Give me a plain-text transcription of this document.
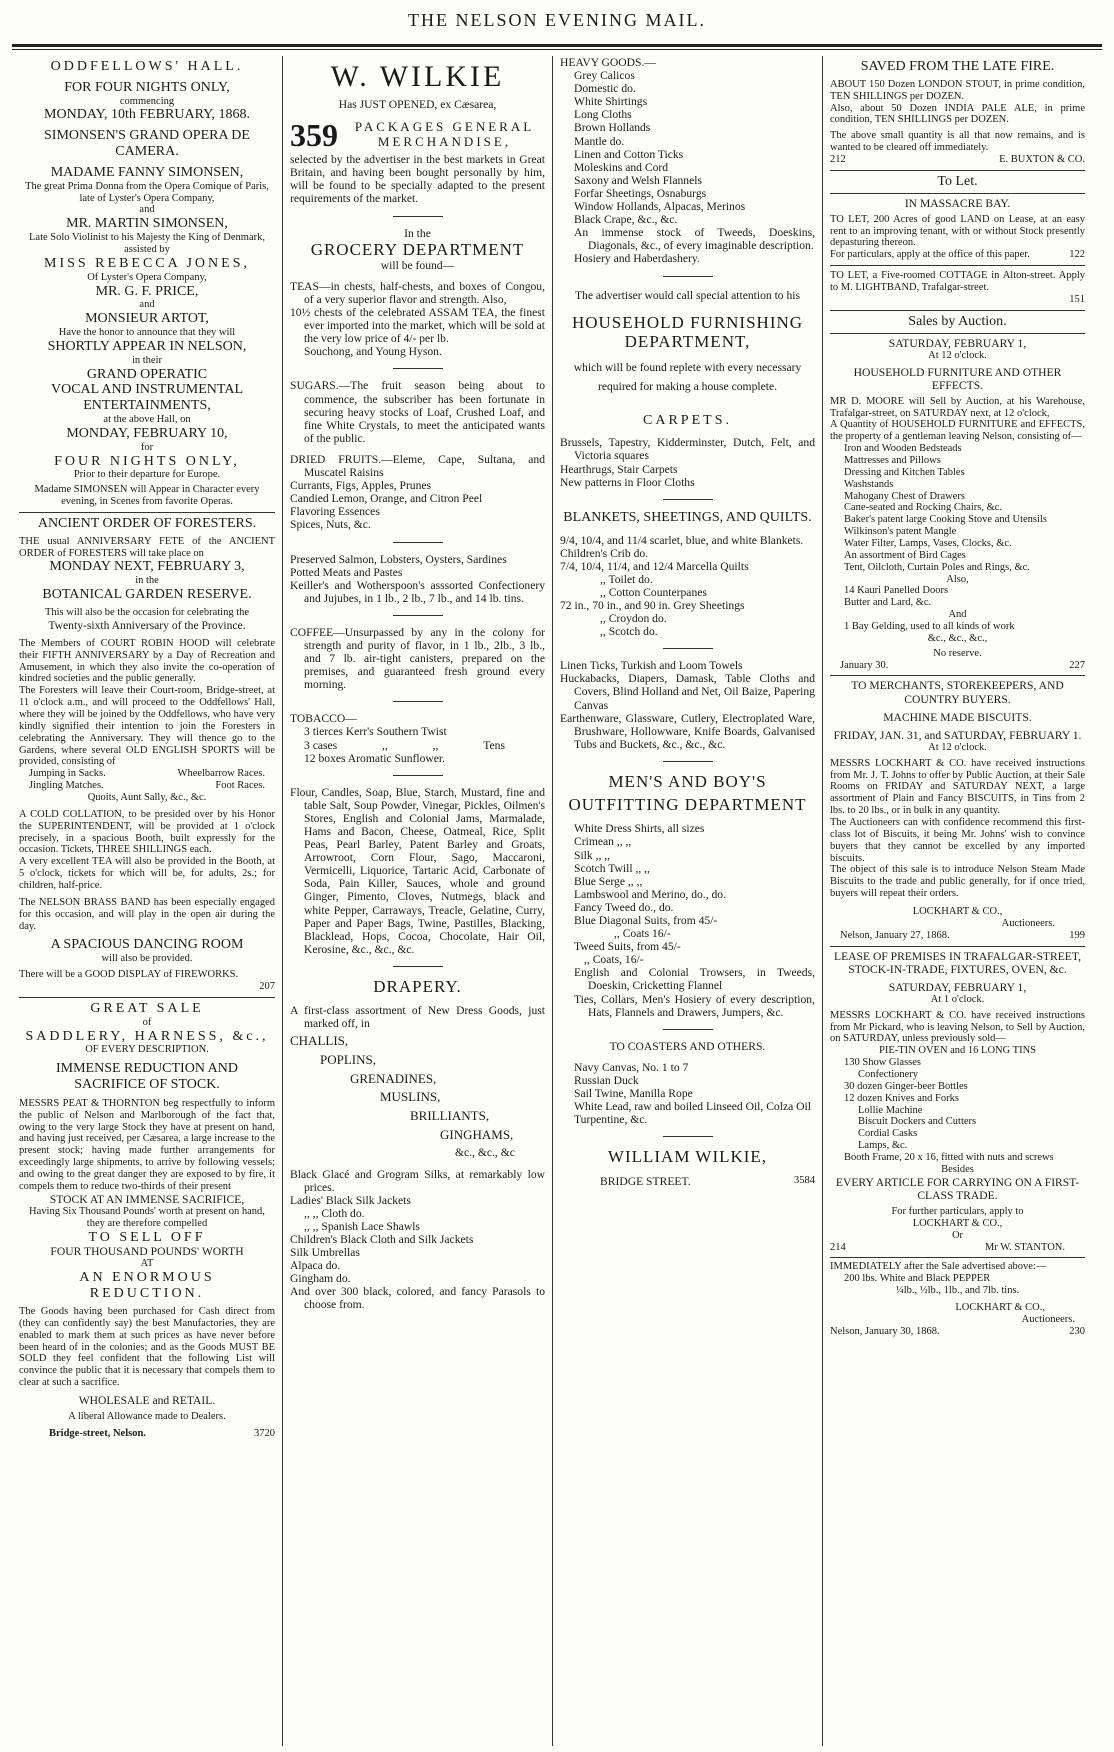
THE NELSON EVENING MAIL.

ODDFELLOWS' HALL.

FOR FOUR NIGHTS ONLY,

commencing

MONDAY, 10th FEBRUARY, 1868.

SIMONSEN'S GRAND OPERA DE CAMERA.

MADAME FANNY SIMONSEN,

The great Prima Donna from the Opera Comique of Paris, late of Lyster's Opera Company,

and

MR. MARTIN SIMONSEN,

Late Solo Violinist to his Majesty the King of Denmark, assisted by

MISS REBECCA JONES,

Of Lyster's Opera Company,

MR. G. F. PRICE,

and

MONSIEUR ARTOT,

Have the honor to announce that they will

SHORTLY APPEAR IN NELSON,

in their

GRAND OPERATIC

VOCAL AND INSTRUMENTAL ENTERTAINMENTS,

at the above Hall, on

MONDAY, FEBRUARY 10,

for

FOUR NIGHTS ONLY,

Prior to their departure for Europe.

Madame SIMONSEN will Appear in Character every evening, in Scenes from favorite Operas.

ANCIENT ORDER OF FORESTERS.

THE usual ANNIVERSARY FETE of the ANCIENT ORDER of FORESTERS will take place on

MONDAY NEXT, FEBRUARY 3,

in the

BOTANICAL GARDEN RESERVE.

This will also be the occasion for celebrating the

Twenty-sixth Anniversary of the Province.

The Members of COURT ROBIN HOOD will celebrate their FIFTH ANNIVERSARY by a Day of Recreation and Amusement, in which they also invite the co-operation of kindred societies and the public generally.

The Foresters will leave their Court-room, Bridge-street, at 11 o'clock a.m., and will proceed to the Oddfellows' Hall, where they will be joined by the Oddfellows, who have very kindly signified their intention to join the Foresters in celebrating the Anniversary. They will thence go to the Gardens, where several OLD ENGLISH SPORTS will be provided, consisting of

Jumping in Sacks.	Wheelbarrow Races.
Jingling Matches.	Foot Races.

Quoits, Aunt Sally, &c., &c.

A COLD COLLATION, to be presided over by his Honor the SUPERINTENDENT, will be provided at 1 o'clock precisely, in a spacious Booth, built expressly for the occasion. Tickets, THREE SHILLINGS each.

A very excellent TEA will also be provided in the Booth, at 5 o'clock, tickets for which will be, for adults, 2s.; for children, half-price.

The NELSON BRASS BAND has been especially engaged for this occasion, and will play in the open air during the day.

A SPACIOUS DANCING ROOM

will also be provided.

There will be a GOOD DISPLAY of FIREWORKS.

207

GREAT SALE

of

SADDLERY, HARNESS, &c.,

OF EVERY DESCRIPTION.

IMMENSE REDUCTION AND SACRIFICE OF STOCK.

MESSRS PEAT & THORNTON beg respectfully to inform the public of Nelson and Marlborough of the fact that, owing to the very large Stock they have at present on hand, and having just received, per Cæsarea, a large increase to the present stock; having made further arrangements for exceedingly large shipments, to arrive by following vessels; and owing to the great danger they are exposed to by fire, it compels them to reduce two-thirds of their present

STOCK AT AN IMMENSE SACRIFICE,

Having Six Thousand Pounds' worth at present on hand, they are therefore compelled

TO SELL OFF

FOUR THOUSAND POUNDS' WORTH

AT

AN ENORMOUS REDUCTION.

The Goods having been purchased for Cash direct from (they can confidently say) the best Manufactories, they are enabled to mark them at such prices as have never before been heard of in the colonies; and as the Goods MUST BE SOLD they feel confident that the following List will convince the public that it is necessary that compels them to clear at such a sacrifice.

WHOLESALE and RETAIL.

A liberal Allowance made to Dealers.

Bridge-street, Nelson.	3720

W. WILKIE

Has JUST OPENED, ex Cæsarea,

359	PACKAGES GENERAL MERCHANDISE,

selected by the advertiser in the best markets in Great Britain, and having been bought personally by him, will be found to be specially adapted to the present requirements of the market.

In the

GROCERY DEPARTMENT

will be found—

TEAS—in chests, half-chests, and boxes of Congou, of a very superior flavor and strength. Also,

10½ chests of the celebrated ASSAM TEA, the finest ever imported into the market, which will be sold at the very low price of 4/- per lb.

Souchong, and Young Hyson.

SUGARS.—The fruit season being about to commence, the subscriber has been fortunate in securing heavy stocks of Loaf, Crushed Loaf, and fine White Crystals, to meet the anticipated wants of the public.

DRIED FRUITS.—Eleme, Cape, Sultana, and Muscatel Raisins

Currants, Figs, Apples, Prunes

Candied Lemon, Orange, and Citron Peel

Flavoring Essences

Spices, Nuts, &c.

Preserved Salmon, Lobsters, Oysters, Sardines

Potted Meats and Pastes

Keiller's and Wotherspoon's asssorted Confectionery and Jujubes, in 1 lb., 2 lb., 7 lb., and 14 lb. tins.

COFFEE—Unsurpassed by any in the colony for strength and purity of flavor, in 1 lb., 2lb., 3 lb., and 7 lb. air-tight canisters, prepared on the premises, and guaranteed fresh ground every morning.

TOBACCO—

3 tierces Kerr's Southern Twist

3 cases	,,	,,	Tens

12 boxes Aromatic Sunflower.

Flour, Candles, Soap, Blue, Starch, Mustard, fine and table Salt, Soup Powder, Vinegar, Pickles, Oilmen's Stores, English and Colonial Jams, Marmalade, Hams and Bacon, Cheese, Oatmeal, Rice, Split Peas, Pearl Barley, Patent Barley and Groats, Arrowroot, Corn Flour, Sago, Maccaroni, Vermicelli, Liquorice, Tartaric Acid, Carbonate of Soda, Pain Killer, Sauces, whole and ground Ginger, Pimento, Cloves, Nutmegs, black and white Pepper, Carraways, Treacle, Gelatine, Curry, Paper and Paper Bags, Twine, Pastilles, Blacking, Blacklead, Hops, Cocoa, Chocolate, Hair Oil, Kerosine, &c., &c., &c.

DRAPERY.

A first-class assortment of New Dress Goods, just marked off, in

CHALLIS,

POPLINS,

GRENADINES,

MUSLINS,

BRILLIANTS,

GINGHAMS,

&c., &c., &c

Black Glacé and Grogram Silks, at remarkably low prices.

Ladies' Black Silk Jackets

,, ,, Cloth do.

,, ,, Spanish Lace Shawls

Children's Black Cloth and Silk Jackets

Silk Umbrellas

Alpaca do.

Gingham do.

And over 300 black, colored, and fancy Parasols to choose from.

HEAVY GOODS.—

Grey Calicos

Domestic do.

White Shirtings

Long Cloths

Brown Hollands

Mantle do.

Linen and Cotton Ticks

Moleskins and Cord

Saxony and Welsh Flannels

Forfar Sheetings, Osnaburgs

Window Hollands, Alpacas, Merinos

Black Crape, &c., &c.

An immense stock of Tweeds, Doeskins, Diagonals, &c., of every imaginable description.

Hosiery and Haberdashery.

The advertiser would call special attention to his

HOUSEHOLD FURNISHING DEPARTMENT,

which will be found replete with every necessary required for making a house complete.

CARPETS.

Brussels, Tapestry, Kidderminster, Dutch, Felt, and Victoria squares

Hearthrugs, Stair Carpets

New patterns in Floor Cloths

BLANKETS, SHEETINGS, AND QUILTS.

9/4, 10/4, and 11/4 scarlet, blue, and white Blankets.

Children's Crib do.

7/4, 10/4, 11/4, and 12/4 Marcella Quilts

,, Toilet do.

,, Cotton Counterpanes

72 in., 70 in., and 90 in. Grey Sheetings

,, Croydon do.

,, Scotch do.

Linen Ticks, Turkish and Loom Towels

Huckabacks, Diapers, Damask, Table Cloths and Covers, Blind Holland and Net, Oil Baize, Papering Canvas

Earthenware, Glassware, Cutlery, Electroplated Ware, Brushware, Hollowware, Knife Boards, Galvanised Tubs and Buckets, &c., &c., &c.

MEN'S AND BOY'S

OUTFITTING DEPARTMENT

White Dress Shirts, all sizes

Crimean ,, ,,

Silk ,, ,,

Scotch Twill ,, ,,

Blue Serge ,, ,,

Lambswool and Merino, do., do.

Fancy Tweed do., do.

Blue Diagonal Suits, from 45/-

,, Coats 16/-

Tweed Suits, from 45/-

,, Coats, 16/-

English and Colonial Trowsers, in Tweeds, Doeskin, Cricketting Flannel

Ties, Collars, Men's Hosiery of every description, Hats, Flannels and Drawers, Jumpers, &c.

TO COASTERS AND OTHERS.

Navy Canvas, No. 1 to 7

Russian Duck

Sail Twine, Manilla Rope

White Lead, raw and boiled Linseed Oil, Colza Oil

Turpentine, &c.

WILLIAM WILKIE,

BRIDGE STREET.	3584

SAVED FROM THE LATE FIRE.

ABOUT 150 Dozen LONDON STOUT, in prime condition, TEN SHILLINGS per DOZEN.

Also, about 50 Dozen INDIA PALE ALE, in prime condition, TEN SHILLINGS per DOZEN.

The above small quantity is all that now remains, and is wanted to be cleared off immediately.

212	E. BUXTON & CO.

To Let.

IN MASSACRE BAY.

TO LET, 200 Acres of good LAND on Lease, at an easy rent to an improving tenant, with or without Stock presently depasturing thereon.

For particulars, apply at the office of this paper.	122

TO LET, a Five-roomed COTTAGE in Alton-street. Apply to M. LIGHTBAND, Trafalgar-street.

151

Sales by Auction.

SATURDAY, FEBRUARY 1,

At 12 o'clock.

HOUSEHOLD FURNITURE AND OTHER EFFECTS.

MR D. MOORE will Sell by Auction, at his Warehouse, Trafalgar-street, on SATURDAY next, at 12 o'clock,

A Quantity of HOUSEHOLD FURNITURE and EFFECTS, the property of a gentleman leaving Nelson, consisting of—

Iron and Wooden Bedsteads

Mattresses and Pillows

Dressing and Kitchen Tables

Washstands

Mahogany Chest of Drawers

Cane-seated and Rocking Chairs, &c.

Baker's patent large Cooking Stove and Utensils

Wilkinson's patent Mangle

Water Filter, Lamps, Vases, Clocks, &c.

An assortment of Bird Cages

Tent, Oilcloth, Curtain Poles and Rings, &c.

Also,

14 Kauri Panelled Doors

Butter and Lard, &c.

And

1 Bay Gelding, used to all kinds of work

&c., &c., &c.,

No reserve.

January 30.	227

TO MERCHANTS, STOREKEEPERS, AND COUNTRY BUYERS.

MACHINE MADE BISCUITS.

FRIDAY, JAN. 31, and SATURDAY, FEBRUARY 1.

At 12 o'clock.

MESSRS LOCKHART & CO. have received instructions from Mr. J. T. Johns to offer by Public Auction, at their Sale Rooms on FRIDAY and SATURDAY NEXT, a large assortment of Plain and Fancy BISCUITS, in Tins from 2 lbs. to 20 lbs., or in bulk in any quantity.

The Auctioneers can with confidence recommend this first-class lot of Biscuits, it being Mr. Johns' wish to convince buyers that they cannot be excelled by any imported biscuits.

The object of this sale is to introduce Nelson Steam Made Biscuits to the trade and public generally, for if once tried, buyers will repeat their orders.

LOCKHART & CO.,

Auctioneers.

Nelson, January 27, 1868.	199

LEASE OF PREMISES IN TRAFALGAR-STREET, STOCK-IN-TRADE, FIXTURES, OVEN, &c.

SATURDAY, FEBRUARY 1,

At 1 o'clock.

MESSRS LOCKHART & CO. have received instructions from Mr Pickard, who is leaving Nelson, to Sell by Auction, on SATURDAY, unless previously sold—

PIE-TIN OVEN and 16 LONG TINS

130 Show Glasses

Confectionery

30 dozen Ginger-beer Bottles

12 dozen Knives and Forks

Lollie Machine

Biscuit Dockers and Cutters

Cordial Casks

Lamps, &c.

Booth Frame, 20 x 16, fitted with nuts and screws

Besides

EVERY ARTICLE FOR CARRYING ON A FIRST-CLASS TRADE.

For further particulars, apply to

LOCKHART & CO.,

Or

214	Mr W. STANTON.

IMMEDIATELY after the Sale advertised above:—

200 lbs. White and Black PEPPER

¼lb., ½lb., 1lb., and 7lb. tins.

LOCKHART & CO.,

Auctioneers.

Nelson, January 30, 1868.	230
